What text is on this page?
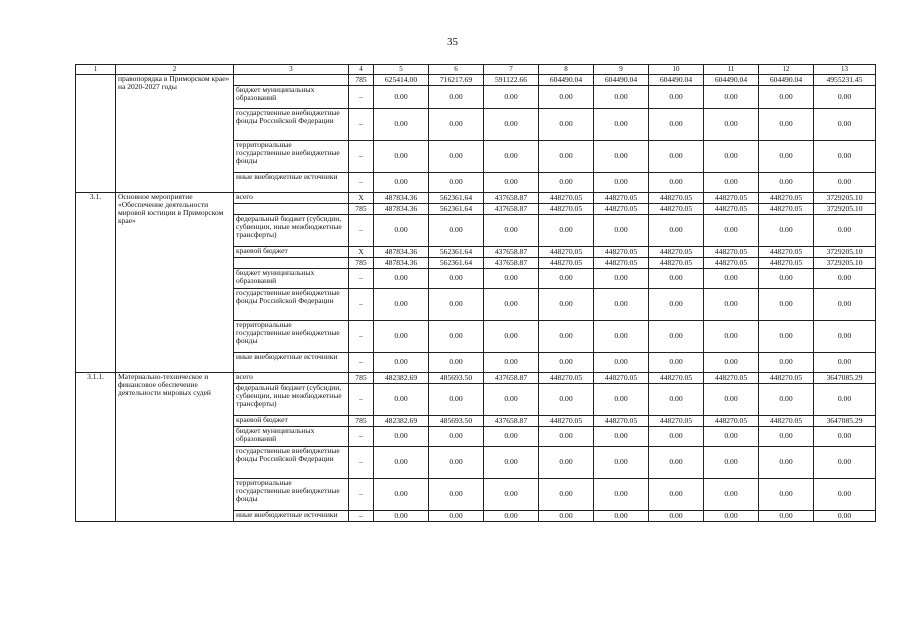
35
1	2	3	4	5	6	7	8	9	10	11	12	13
	правопорядка в Приморском крае» на 2020-2027 годы		785	625414.00	716217.69	591122.66	604490.04	604490.04	604490.04	604490.04	604490.04	4955231.45
		бюджет муниципальных образований	–	0.00	0.00	0.00	0.00	0.00	0.00	0.00	0.00	0.00
		государственные внебюджетные фонды Российской Федерации	–	0.00	0.00	0.00	0.00	0.00	0.00	0.00	0.00	0.00
		территориальные государственные внебюджетные фонды	–	0.00	0.00	0.00	0.00	0.00	0.00	0.00	0.00	0.00
		иные внебюджетные источники	–	0.00	0.00	0.00	0.00	0.00	0.00	0.00	0.00	0.00
3.1.	Основное мероприятие «Обеспечение деятельности мировой юстиции в Приморском крае»	всего	X	487834.36	562361.64	437658.87	448270.05	448270.05	448270.05	448270.05	448270.05	3729205.10
			785	487834.36	562361.64	437658.87	448270.05	448270.05	448270.05	448270.05	448270.05	3729205.10
		федеральный бюджет (субсидии, субвенции, иные межбюджетные трансферты)	–	0.00	0.00	0.00	0.00	0.00	0.00	0.00	0.00	0.00
		краевой бюджет	X	487834.36	562361.64	437658.87	448270.05	448270.05	448270.05	448270.05	448270.05	3729205.10
			785	487834.36	562361.64	437658.87	448270.05	448270.05	448270.05	448270.05	448270.05	3729205.10
		бюджет муниципальных образований	–	0.00	0.00	0.00	0.00	0.00	0.00	0.00	0.00	0.00
		государственные внебюджетные фонды Российской Федерации	–	0.00	0.00	0.00	0.00	0.00	0.00	0.00	0.00	0.00
		территориальные государственные внебюджетные фонды	–	0.00	0.00	0.00	0.00	0.00	0.00	0.00	0.00	0.00
		иные внебюджетные источники	–	0.00	0.00	0.00	0.00	0.00	0.00	0.00	0.00	0.00
3.1.1.	Материально-техническое и финансовое обеспечение деятельности мировых судей	всего	785	482382.69	485693.50	437658.87	448270.05	448270.05	448270.05	448270.05	448270.05	3647085.29
		федеральный бюджет (субсидии, субвенции, иные межбюджетные трансферты)	–	0.00	0.00	0.00	0.00	0.00	0.00	0.00	0.00	0.00
		краевой бюджет	785	482382.69	485693.50	437658.87	448270.05	448270.05	448270.05	448270.05	448270.05	3647085.29
		бюджет муниципальных образований	–	0.00	0.00	0.00	0.00	0.00	0.00	0.00	0.00	0.00
		государственные внебюджетные фонды Российской Федерации	–	0.00	0.00	0.00	0.00	0.00	0.00	0.00	0.00	0.00
		территориальные государственные внебюджетные фонды	–	0.00	0.00	0.00	0.00	0.00	0.00	0.00	0.00	0.00
		иные внебюджетные источники	–	0.00	0.00	0.00	0.00	0.00	0.00	0.00	0.00	0.00
